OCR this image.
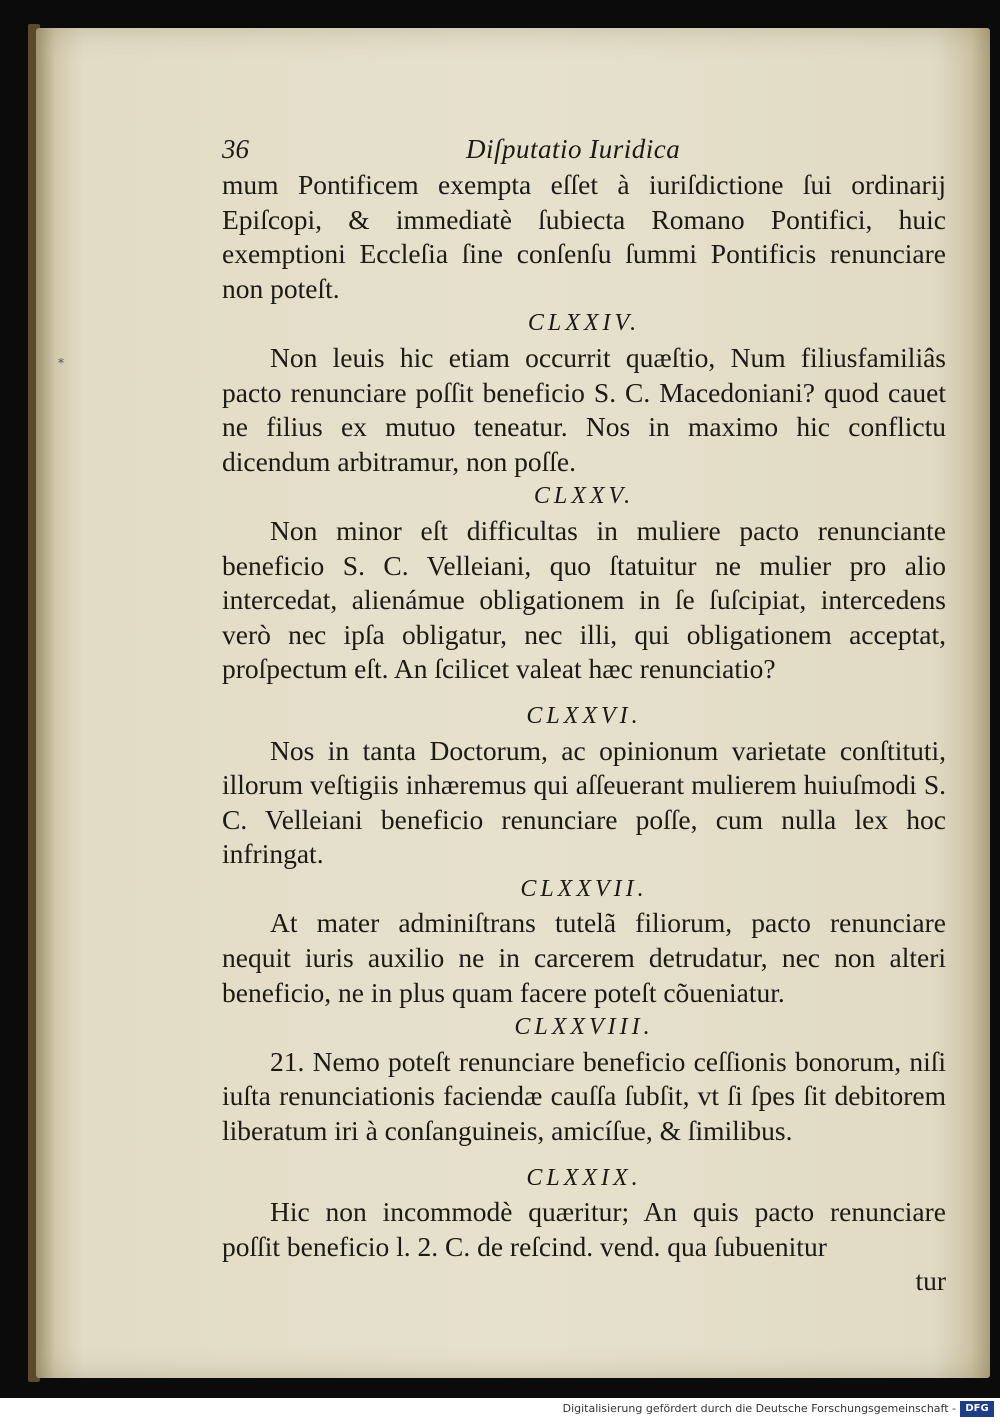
*
36	Diſputatio Iuridica

mum Pontificem exempta eſſet à iuriſdictione ſui ordinarij Epiſcopi, & immediatè ſubiecta Romano Pontifici, huic exemptioni Eccleſia ſine conſenſu ſummi Pontificis renunciare non poteſt.

CLXXIV.

Non leuis hic etiam occurrit quæſtio, Num filiusfamiliâs pacto renunciare poſſit beneficio S. C. Macedoniani? quod cauet ne filius ex mutuo teneatur. Nos in maximo hic conflictu dicendum arbitramur, non poſſe.

CLXXV.

Non minor eſt difficultas in muliere pacto renunciante beneficio S. C. Velleiani, quo ſtatuitur ne mulier pro alio intercedat, alienámue obligationem in ſe ſuſcipiat, intercedens verò nec ipſa obligatur, nec illi, qui obligationem acceptat, proſpectum eſt. An ſcilicet valeat hæc renunciatio?

CLXXVI.

Nos in tanta Doctorum, ac opinionum varietate conſtituti, illorum veſtigiis inhæremus qui aſſeuerant mulierem huiuſmodi S. C. Velleiani beneficio renunciare poſſe, cum nulla lex hoc infringat.

CLXXVII.

At mater adminiſtrans tutelã filiorum, pacto renunciare nequit iuris auxilio ne in carcerem detrudatur, nec non alteri beneficio, ne in plus quam facere poteſt cõueniatur.

CLXXVIII.

21. Nemo poteſt renunciare beneficio ceſſionis bonorum, niſi iuſta renunciationis faciendæ cauſſa ſubſit, vt ſi ſpes ſit debitorem liberatum iri à conſanguineis, amicíſue, & ſimilibus.

CLXXIX.

Hic non incommodè quæritur; An quis pacto renunciare poſſit beneficio l. 2. C. de reſcind. vend. qua ſubuenitur

tur

Digitalisierung gefördert durch die Deutsche Forschungsgemeinschaft - DFG
